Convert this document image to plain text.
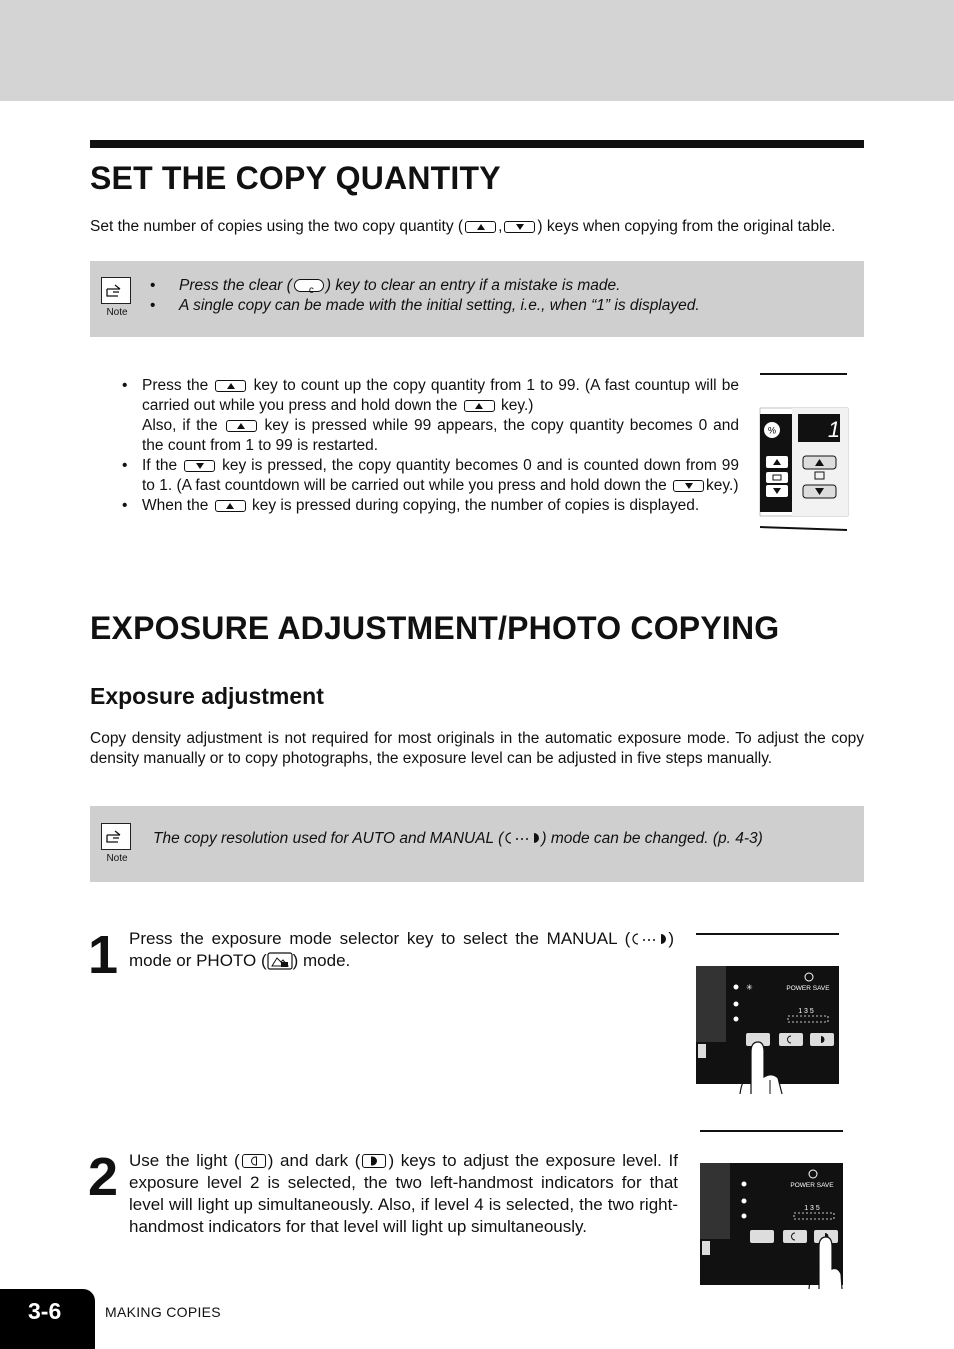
SET THE COPY QUANTITY

Set the number of copies using the two copy quantity ( , ) keys when copying from the original table.

Note
• Press the clear (c ) key to clear an entry if a mistake is made.
• A single copy can be made with the initial setting, i.e., when “1” is displayed.
• Press the	key to count up the copy quantity from 1 to 99. (A fast countup will be carried out while you press and hold down the	key.)
Also, if the	key is pressed while 99 appears, the copy quantity becomes 0 and the count from 1 to 99 is restarted.
• If the	key is pressed, the copy quantity becomes 0 and is counted down from 99 to 1. (A fast countdown will be carried out while you press and hold down the	key.)
• When the	key is pressed during copying, the number of copies is displayed.
% 1
EXPOSURE ADJUSTMENT/PHOTO COPYING
Exposure adjustment

Copy density adjustment is not required for most originals in the automatic exposure mode. To adjust the copy density manually or to copy photographs, the exposure level can be adjusted in five steps manually.

Note
The copy resolution used for AUTO and MANUAL ( ) mode can be changed. (p. 4-3)
1 Press the exposure mode selector key to select the MANUAL ( ) mode or PHOTO ( ) mode.

POWER SAVE
✳
1 3 5
2 Use the light ( ) and dark ( ) keys to adjust the exposure level. If exposure level 2 is selected, the two left-handmost indicators for that level will light up simultaneously. Also, if level 4 is selected, the two right-handmost indicators for that level will light up simultaneously.

POWER SAVE
1 3 5
3-6	MAKING COPIES
